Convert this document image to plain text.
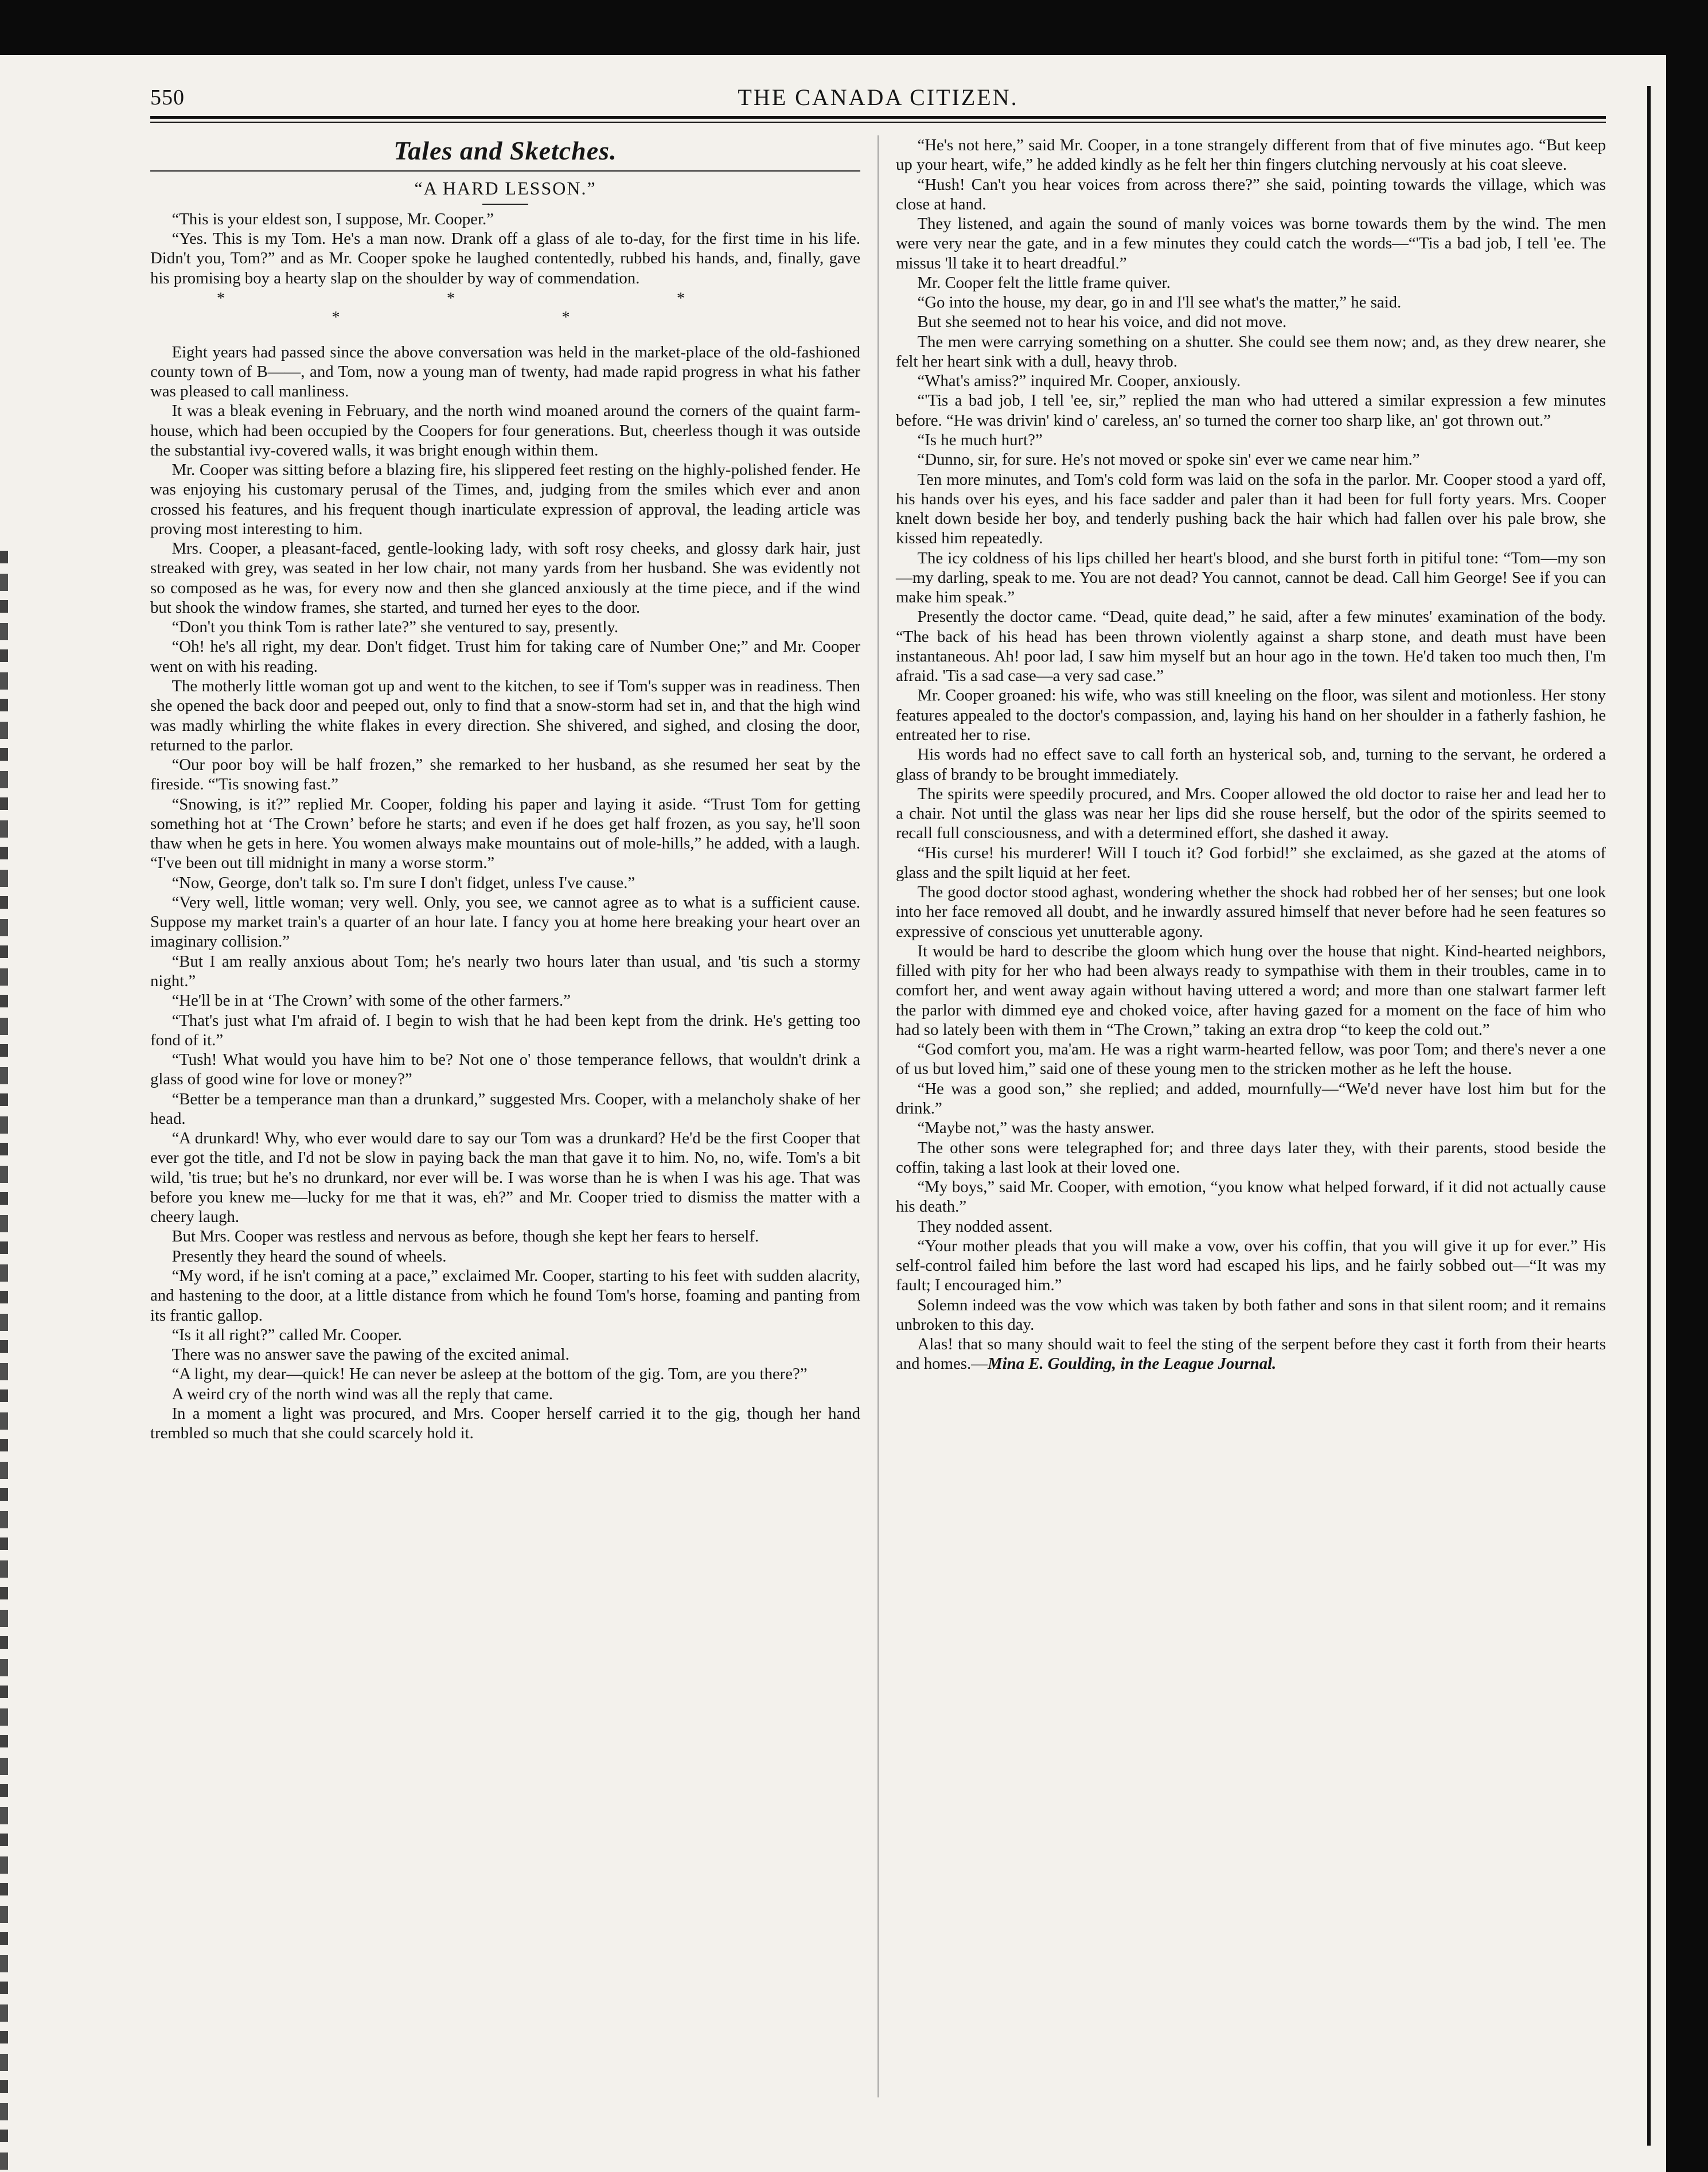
550	THE CANADA CITIZEN.
Tales and Sketches.
“A HARD LESSON.”

“This is your eldest son, I suppose, Mr. Cooper.”

“Yes. This is my Tom. He's a man now. Drank off a glass of ale to-day, for the first time in his life. Didn't you, Tom?” and as Mr. Cooper spoke he laughed contentedly, rubbed his hands, and, finally, gave his promising boy a hearty slap on the shoulder by way of commendation.

* * * * *

Eight years had passed since the above conversation was held in the market-place of the old-fashioned county town of B——, and Tom, now a young man of twenty, had made rapid progress in what his father was pleased to call manliness.

It was a bleak evening in February, and the north wind moaned around the corners of the quaint farm-house, which had been occupied by the Coopers for four generations. But, cheerless though it was outside the substantial ivy-covered walls, it was bright enough within them.

Mr. Cooper was sitting before a blazing fire, his slippered feet resting on the highly-polished fender. He was enjoying his customary perusal of the Times, and, judging from the smiles which ever and anon crossed his features, and his frequent though inarticulate expression of approval, the leading article was proving most interesting to him.

Mrs. Cooper, a pleasant-faced, gentle-looking lady, with soft rosy cheeks, and glossy dark hair, just streaked with grey, was seated in her low chair, not many yards from her husband. She was evidently not so composed as he was, for every now and then she glanced anxiously at the time piece, and if the wind but shook the window frames, she started, and turned her eyes to the door.

“Don't you think Tom is rather late?” she ventured to say, presently.

“Oh! he's all right, my dear. Don't fidget. Trust him for taking care of Number One;” and Mr. Cooper went on with his reading.

The motherly little woman got up and went to the kitchen, to see if Tom's supper was in readiness. Then she opened the back door and peeped out, only to find that a snow-storm had set in, and that the high wind was madly whirling the white flakes in every direction. She shivered, and sighed, and closing the door, returned to the parlor.

“Our poor boy will be half frozen,” she remarked to her husband, as she resumed her seat by the fireside. “'Tis snowing fast.”

“Snowing, is it?” replied Mr. Cooper, folding his paper and laying it aside. “Trust Tom for getting something hot at ‘The Crown’ before he starts; and even if he does get half frozen, as you say, he'll soon thaw when he gets in here. You women always make mountains out of mole-hills,” he added, with a laugh. “I've been out till midnight in many a worse storm.”

“Now, George, don't talk so. I'm sure I don't fidget, unless I've cause.”

“Very well, little woman; very well. Only, you see, we cannot agree as to what is a sufficient cause. Suppose my market train's a quarter of an hour late. I fancy you at home here breaking your heart over an imaginary collision.”

“But I am really anxious about Tom; he's nearly two hours later than usual, and 'tis such a stormy night.”

“He'll be in at ‘The Crown’ with some of the other farmers.”

“That's just what I'm afraid of. I begin to wish that he had been kept from the drink. He's getting too fond of it.”

“Tush! What would you have him to be? Not one o' those temperance fellows, that wouldn't drink a glass of good wine for love or money?”

“Better be a temperance man than a drunkard,” suggested Mrs. Cooper, with a melancholy shake of her head.

“A drunkard! Why, who ever would dare to say our Tom was a drunkard? He'd be the first Cooper that ever got the title, and I'd not be slow in paying back the man that gave it to him. No, no, wife. Tom's a bit wild, 'tis true; but he's no drunkard, nor ever will be. I was worse than he is when I was his age. That was before you knew me—lucky for me that it was, eh?” and Mr. Cooper tried to dismiss the matter with a cheery laugh.

But Mrs. Cooper was restless and nervous as before, though she kept her fears to herself.

Presently they heard the sound of wheels.

“My word, if he isn't coming at a pace,” exclaimed Mr. Cooper, starting to his feet with sudden alacrity, and hastening to the door, at a little distance from which he found Tom's horse, foaming and panting from its frantic gallop.

“Is it all right?” called Mr. Cooper.

There was no answer save the pawing of the excited animal.

“A light, my dear—quick! He can never be asleep at the bottom of the gig. Tom, are you there?”

A weird cry of the north wind was all the reply that came.

In a moment a light was procured, and Mrs. Cooper herself carried it to the gig, though her hand trembled so much that she could scarcely hold it.

“He's not here,” said Mr. Cooper, in a tone strangely different from that of five minutes ago. “But keep up your heart, wife,” he added kindly as he felt her thin fingers clutching nervously at his coat sleeve.

“Hush! Can't you hear voices from across there?” she said, pointing towards the village, which was close at hand.

They listened, and again the sound of manly voices was borne towards them by the wind. The men were very near the gate, and in a few minutes they could catch the words—“'Tis a bad job, I tell 'ee. The missus 'll take it to heart dreadful.”

Mr. Cooper felt the little frame quiver.

“Go into the house, my dear, go in and I'll see what's the matter,” he said.

But she seemed not to hear his voice, and did not move.

The men were carrying something on a shutter. She could see them now; and, as they drew nearer, she felt her heart sink with a dull, heavy throb.

“What's amiss?” inquired Mr. Cooper, anxiously.

“'Tis a bad job, I tell 'ee, sir,” replied the man who had uttered a similar expression a few minutes before. “He was drivin' kind o' careless, an' so turned the corner too sharp like, an' got thrown out.”

“Is he much hurt?”

“Dunno, sir, for sure. He's not moved or spoke sin' ever we came near him.”

Ten more minutes, and Tom's cold form was laid on the sofa in the parlor. Mr. Cooper stood a yard off, his hands over his eyes, and his face sadder and paler than it had been for full forty years. Mrs. Cooper knelt down beside her boy, and tenderly pushing back the hair which had fallen over his pale brow, she kissed him repeatedly.

The icy coldness of his lips chilled her heart's blood, and she burst forth in pitiful tone: “Tom—my son—my darling, speak to me. You are not dead? You cannot, cannot be dead. Call him George! See if you can make him speak.”

Presently the doctor came. “Dead, quite dead,” he said, after a few minutes' examination of the body. “The back of his head has been thrown violently against a sharp stone, and death must have been instantaneous. Ah! poor lad, I saw him myself but an hour ago in the town. He'd taken too much then, I'm afraid. 'Tis a sad case—a very sad case.”

Mr. Cooper groaned: his wife, who was still kneeling on the floor, was silent and motionless. Her stony features appealed to the doctor's compassion, and, laying his hand on her shoulder in a fatherly fashion, he entreated her to rise.

His words had no effect save to call forth an hysterical sob, and, turning to the servant, he ordered a glass of brandy to be brought immediately.

The spirits were speedily procured, and Mrs. Cooper allowed the old doctor to raise her and lead her to a chair. Not until the glass was near her lips did she rouse herself, but the odor of the spirits seemed to recall full consciousness, and with a determined effort, she dashed it away.

“His curse! his murderer! Will I touch it? God forbid!” she exclaimed, as she gazed at the atoms of glass and the spilt liquid at her feet.

The good doctor stood aghast, wondering whether the shock had robbed her of her senses; but one look into her face removed all doubt, and he inwardly assured himself that never before had he seen features so expressive of conscious yet unutterable agony.

It would be hard to describe the gloom which hung over the house that night. Kind-hearted neighbors, filled with pity for her who had been always ready to sympathise with them in their troubles, came in to comfort her, and went away again without having uttered a word; and more than one stalwart farmer left the parlor with dimmed eye and choked voice, after having gazed for a moment on the face of him who had so lately been with them in “The Crown,” taking an extra drop “to keep the cold out.”

“God comfort you, ma'am. He was a right warm-hearted fellow, was poor Tom; and there's never a one of us but loved him,” said one of these young men to the stricken mother as he left the house.

“He was a good son,” she replied; and added, mournfully—“We'd never have lost him but for the drink.”

“Maybe not,” was the hasty answer.

The other sons were telegraphed for; and three days later they, with their parents, stood beside the coffin, taking a last look at their loved one.

“My boys,” said Mr. Cooper, with emotion, “you know what helped forward, if it did not actually cause his death.”

They nodded assent.

“Your mother pleads that you will make a vow, over his coffin, that you will give it up for ever.” His self-control failed him before the last word had escaped his lips, and he fairly sobbed out—“It was my fault; I encouraged him.”

Solemn indeed was the vow which was taken by both father and sons in that silent room; and it remains unbroken to this day.

Alas! that so many should wait to feel the sting of the serpent before they cast it forth from their hearts and homes.—Mina E. Goulding, in the League Journal.
